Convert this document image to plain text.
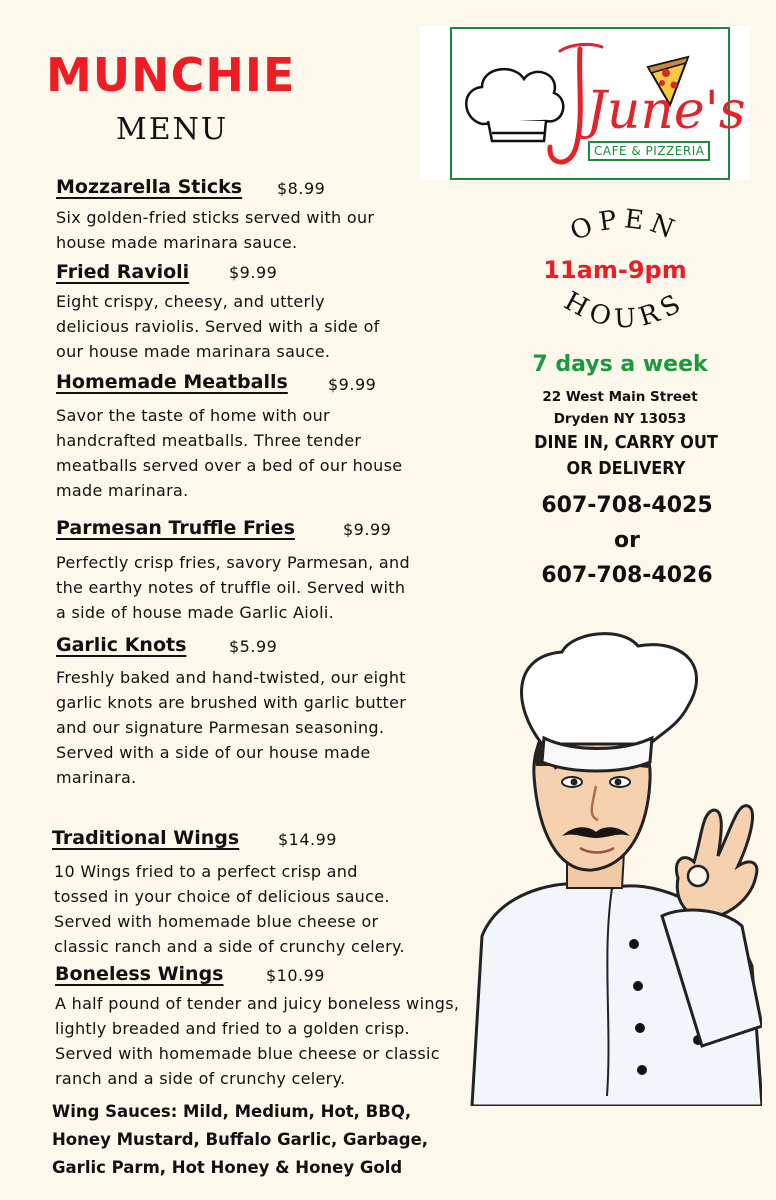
MUNCHIE
MENU
Mozzarella Sticks $8.99
Six golden-fried sticks served with our
house made marinara sauce.
Fried Ravioli $9.99
Eight crispy, cheesy, and utterly
delicious raviolis. Served with a side of
our house made marinara sauce.
Homemade Meatballs	$9.99
Savor the taste of home with our
handcrafted meatballs. Three tender
meatballs served over a bed of our house
made marinara.
Parmesan Truffle Fries	$9.99
Perfectly crisp fries, savory Parmesan, and
the earthy notes of truffle oil. Served with
a side of house made Garlic Aioli.
Garlic Knots	$5.99
Freshly baked and hand-twisted, our eight
garlic knots are brushed with garlic butter
and our signature Parmesan seasoning.
Served with a side of our house made
marinara.
Traditional Wings $14.99
10 Wings fried to a perfect crisp and
tossed in your choice of delicious sauce.
Served with homemade blue cheese or
classic ranch and a side of crunchy celery.
Boneless Wings	$10.99
A half pound of tender and juicy boneless wings,
lightly breaded and fried to a golden crisp.
Served with homemade blue cheese or classic
ranch and a side of crunchy celery.
Wing Sauces: Mild, Medium, Hot, BBQ,
Honey Mustard, Buffalo Garlic, Garbage,
Garlic Parm, Hot Honey & Honey Gold
June's
CAFE & PIZZERIA
OPEN
HOURS
11am-9pm
7 days a week
22 West Main Street
Dryden NY 13053
DINE IN, CARRY OUT
OR DELIVERY
607-708-4025
or
607-708-4026
